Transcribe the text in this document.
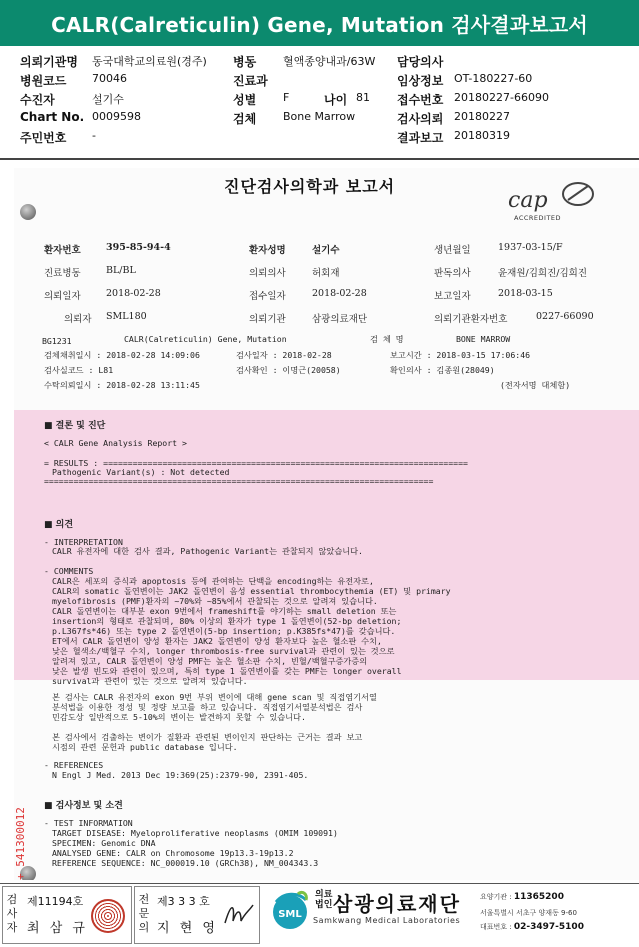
CALR(Calreticulin) Gene, Mutation 검사결과보고서
의뢰기관명 동국대학교의료원(경주) 병동 혈액종양내과/63W 담당의사
병원코드 70046	진료과	임상정보 OT-180227-60
수진자	설기수	성별 F	나이 81 접수번호 20180227-66090
Chart No. 0009598	검체 Bone Marrow	검사의뢰 20180227
주민번호 -	결과보고 20180319
진단검사의학과 보고서
cap
ACCREDITED
환자번호	395-85-94-4	환자성명	설기수	생년월일	1937-03-15/F
진료병동	BL/BL	의뢰의사	허회재	판독의사	윤재원/김희진/김희진
의뢰일자	2018-02-28	접수일자	2018-02-28	보고일자	2018-03-15
의뢰자 SML180	의뢰기관	삼광의료재단	의뢰기관환자번호	0227-66090
BG1231	CALR(Calreticulin) Gene, Mutation	검 체 명	BONE MARROW
검체채취일시 : 2018-02-28 14:09:06	검사일자 : 2018-02-28	보고시간 : 2018-03-15 17:06:46
검사실코드 : L81	검사확인 : 이명근(20058)	확인의사 : 김종원(28049)
수탁의뢰일시 : 2018-02-28 13:11:45	(전자서명 대체함)
■ 결론 및 진단
< CALR Gene Analysis Report >
= RESULTS : ==========================================================================
Pathogenic Variant(s) : Not detected
===============================================================================
■ 의견
- INTERPRETATION
CALR 유전자에 대한 검사 결과, Pathogenic Variant는 관찰되지 않았습니다.
- COMMENTS
CALR은 세포의 증식과 apoptosis 등에 관여하는 단백을 encoding하는 유전자로,
CALR의 somatic 돌연변이는 JAK2 돌연변이 음성 essential thrombocythemia (ET) 및 primary
myelofibrosis (PMF)환자의 ~70%와 ~85%에서 관찰되는 것으로 알려져 있습니다.
CALR 돌연변이는 대부분 exon 9번에서 frameshift를 야기하는 small deletion 또는
insertion의 형태로 관찰되며, 80% 이상의 환자가 type 1 돌연변이(52-bp deletion;
p.L367fs*46) 또는 type 2 돌연변이(5-bp insertion; p.K385fs*47)를 갖습니다.
ET에서 CALR 돌연변이 양성 환자는 JAK2 돌연변이 양성 환자보다 높은 혈소판 수치,
낮은 혈색소/백혈구 수치, longer thrombosis-free survival과 관련이 있는 것으로
알려져 있고, CALR 돌연변이 양성 PMF는 높은 혈소판 수치, 빈혈/백혈구증가증의
낮은 발생 빈도와 관련이 있으며, 특히 type 1 돌연변이를 갖는 PMF는 longer overall
survival과 관련이 있는 것으로 알려져 있습니다.
본 검사는 CALR 유전자의 exon 9번 부위 변이에 대해 gene scan 및 직접염기서열
분석법을 이용한 정성 및 정량 보고를 하고 있습니다. 직접염기서열분석법은 검사
민감도상 일반적으로 5-10%의 변이는 발견하지 못할 수 있습니다.
본 검사에서 검출하는 변이가 질환과 관련된 변이인지 판단하는 근거는 결과 보고
시점의 관련 문헌과 public database 입니다.
- REFERENCES
N Engl J Med. 2013 Dec 19:369(25):2379-90, 2391-405.
■ 검사정보 및 소견
- TEST INFORMATION
TARGET DISEASE: Myeloproliferative neoplasms (OMIM 109091)
SPECIMEN: Genomic DNA
ANALYSED GENE: CALR on Chromosome 19p13.3-19p13.2
REFERENCE SEQUENCE: NC_000019.10 (GRCh38), NM_004343.3
+ 541300012
검사자
제11194호
최 삼 규
전문의
제3 3 3 호
지 현 영
SML
의료법인 삼광의료재단
Samkwang Medical Laboratories
요양기관 : 11365200
서울특별시 서초구 양재동 9-60
대표번호 : 02-3497-5100
